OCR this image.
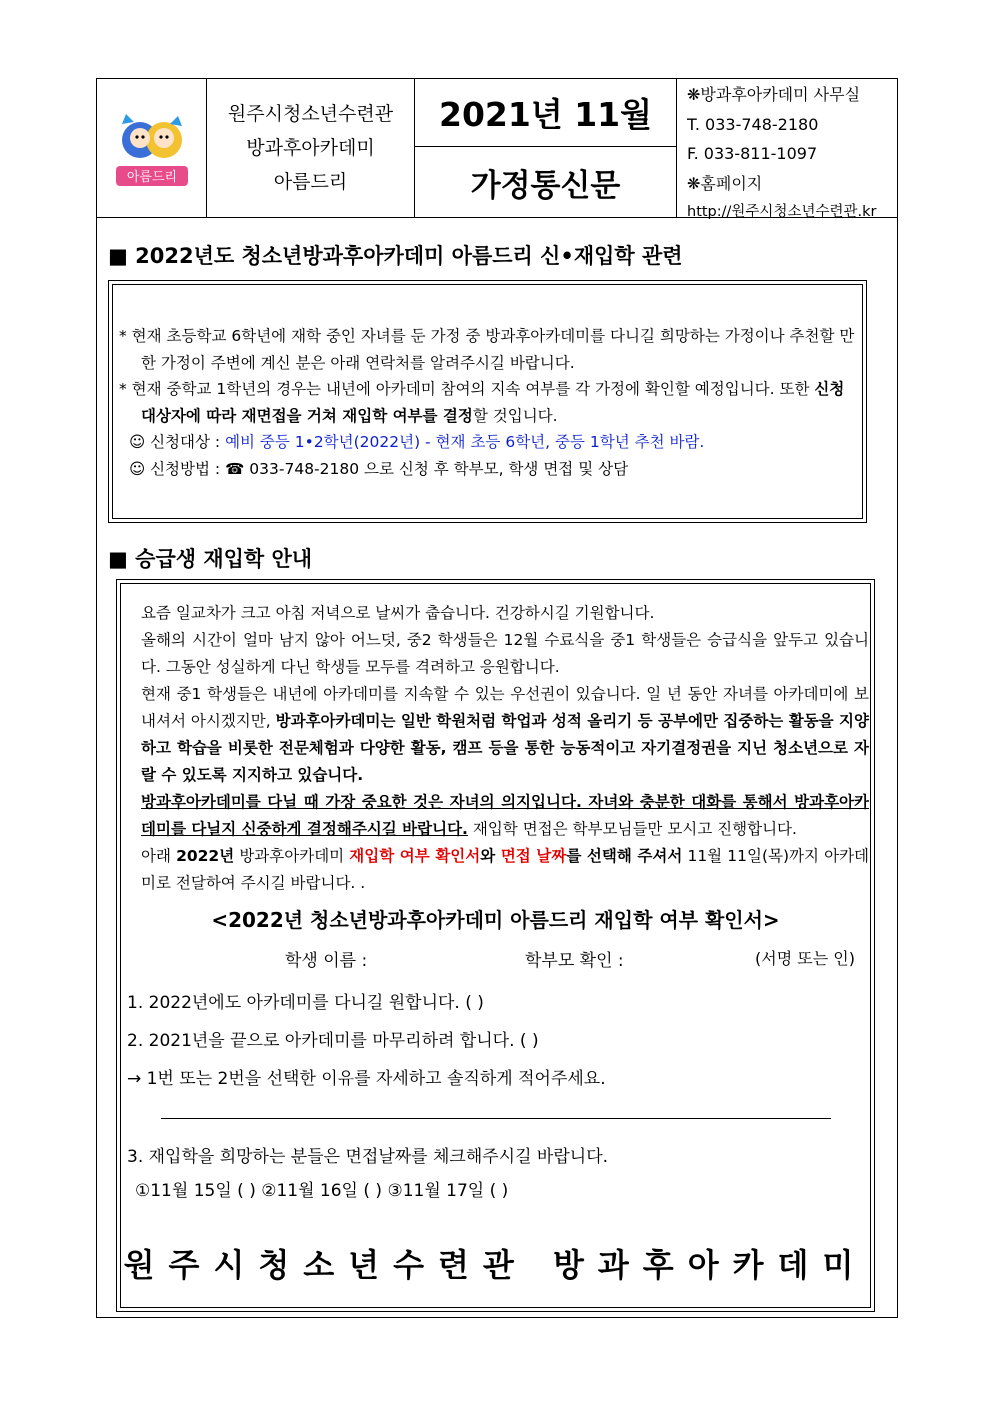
아름드리
원주시청소년수련관
방과후아카데미
아름드리
2021년 11월
가정통신문
❋방과후아카데미 사무실
T. 033-748-2180
F. 033-811-1097
❋홈페이지
http://원주시청소년수련관.kr
■ 2022년도 청소년방과후아카데미 아름드리 신•재입학 관련
* 현재 초등학교 6학년에 재학 중인 자녀를 둔 가정 중 방과후아카데미를 다니길 희망하는 가정이나 추천할 만한 가정이 주변에 계신 분은 아래 연락처를 알려주시길 바랍니다.
* 현재 중학교 1학년의 경우는 내년에 아카데미 참여의 지속 여부를 각 가정에 확인할 예정입니다. 또한 신청 대상자에 따라 재면접을 거쳐 재입학 여부를 결정할 것입니다.
☺ 신청대상 : 예비 중등 1•2학년(2022년) - 현재 초등 6학년, 중등 1학년 추천 바람.
☺ 신청방법 : ☎ 033-748-2180 으로 신청 후 학부모, 학생 면접 및 상담
■ 승급생 재입학 안내

요즘 일교차가 크고 아침 저녁으로 날씨가 춥습니다. 건강하시길 기원합니다.

올해의 시간이 얼마 남지 않아 어느덧, 중2 학생들은 12월 수료식을 중1 학생들은 승급식을 앞두고 있습니다. 그동안 성실하게 다닌 학생들 모두를 격려하고 응원합니다.

현재 중1 학생들은 내년에 아카데미를 지속할 수 있는 우선권이 있습니다. 일 년 동안 자녀를 아카데미에 보내셔서 아시겠지만, 방과후아카데미는 일반 학원처럼 학업과 성적 올리기 등 공부에만 집중하는 활동을 지양하고 학습을 비롯한 전문체험과 다양한 활동, 캠프 등을 통한 능동적이고 자기결정권을 지닌 청소년으로 자랄 수 있도록 지지하고 있습니다.

방과후아카데미를 다닐 때 가장 중요한 것은 자녀의 의지입니다. 자녀와 충분한 대화를 통해서 방과후아카데미를 다닐지 신중하게 결정해주시길 바랍니다. 재입학 면접은 학부모님들만 모시고 진행합니다.

아래 2022년 방과후아카데미 재입학 여부 확인서와 면접 날짜를 선택해 주셔서 11월 11일(목)까지 아카데미로 전달하여 주시길 바랍니다. .

<2022년 청소년방과후아카데미 아름드리 재입학 여부 확인서>
학생 이름 :	학부모 확인 :	(서명 또는 인)
1. 2022년에도 아카데미를 다니길 원합니다. ( )
2. 2021년을 끝으로 아카데미를 마무리하려 합니다. ( )
→ 1번 또는 2번을 선택한 이유를 자세하고 솔직하게 적어주세요.
3. 재입학을 희망하는 분들은 면접날짜를 체크해주시길 바랍니다.
①11월 15일 ( ) ②11월 16일 ( ) ③11월 17일 ( )
원주시청소년수련관 방과후아카데미
